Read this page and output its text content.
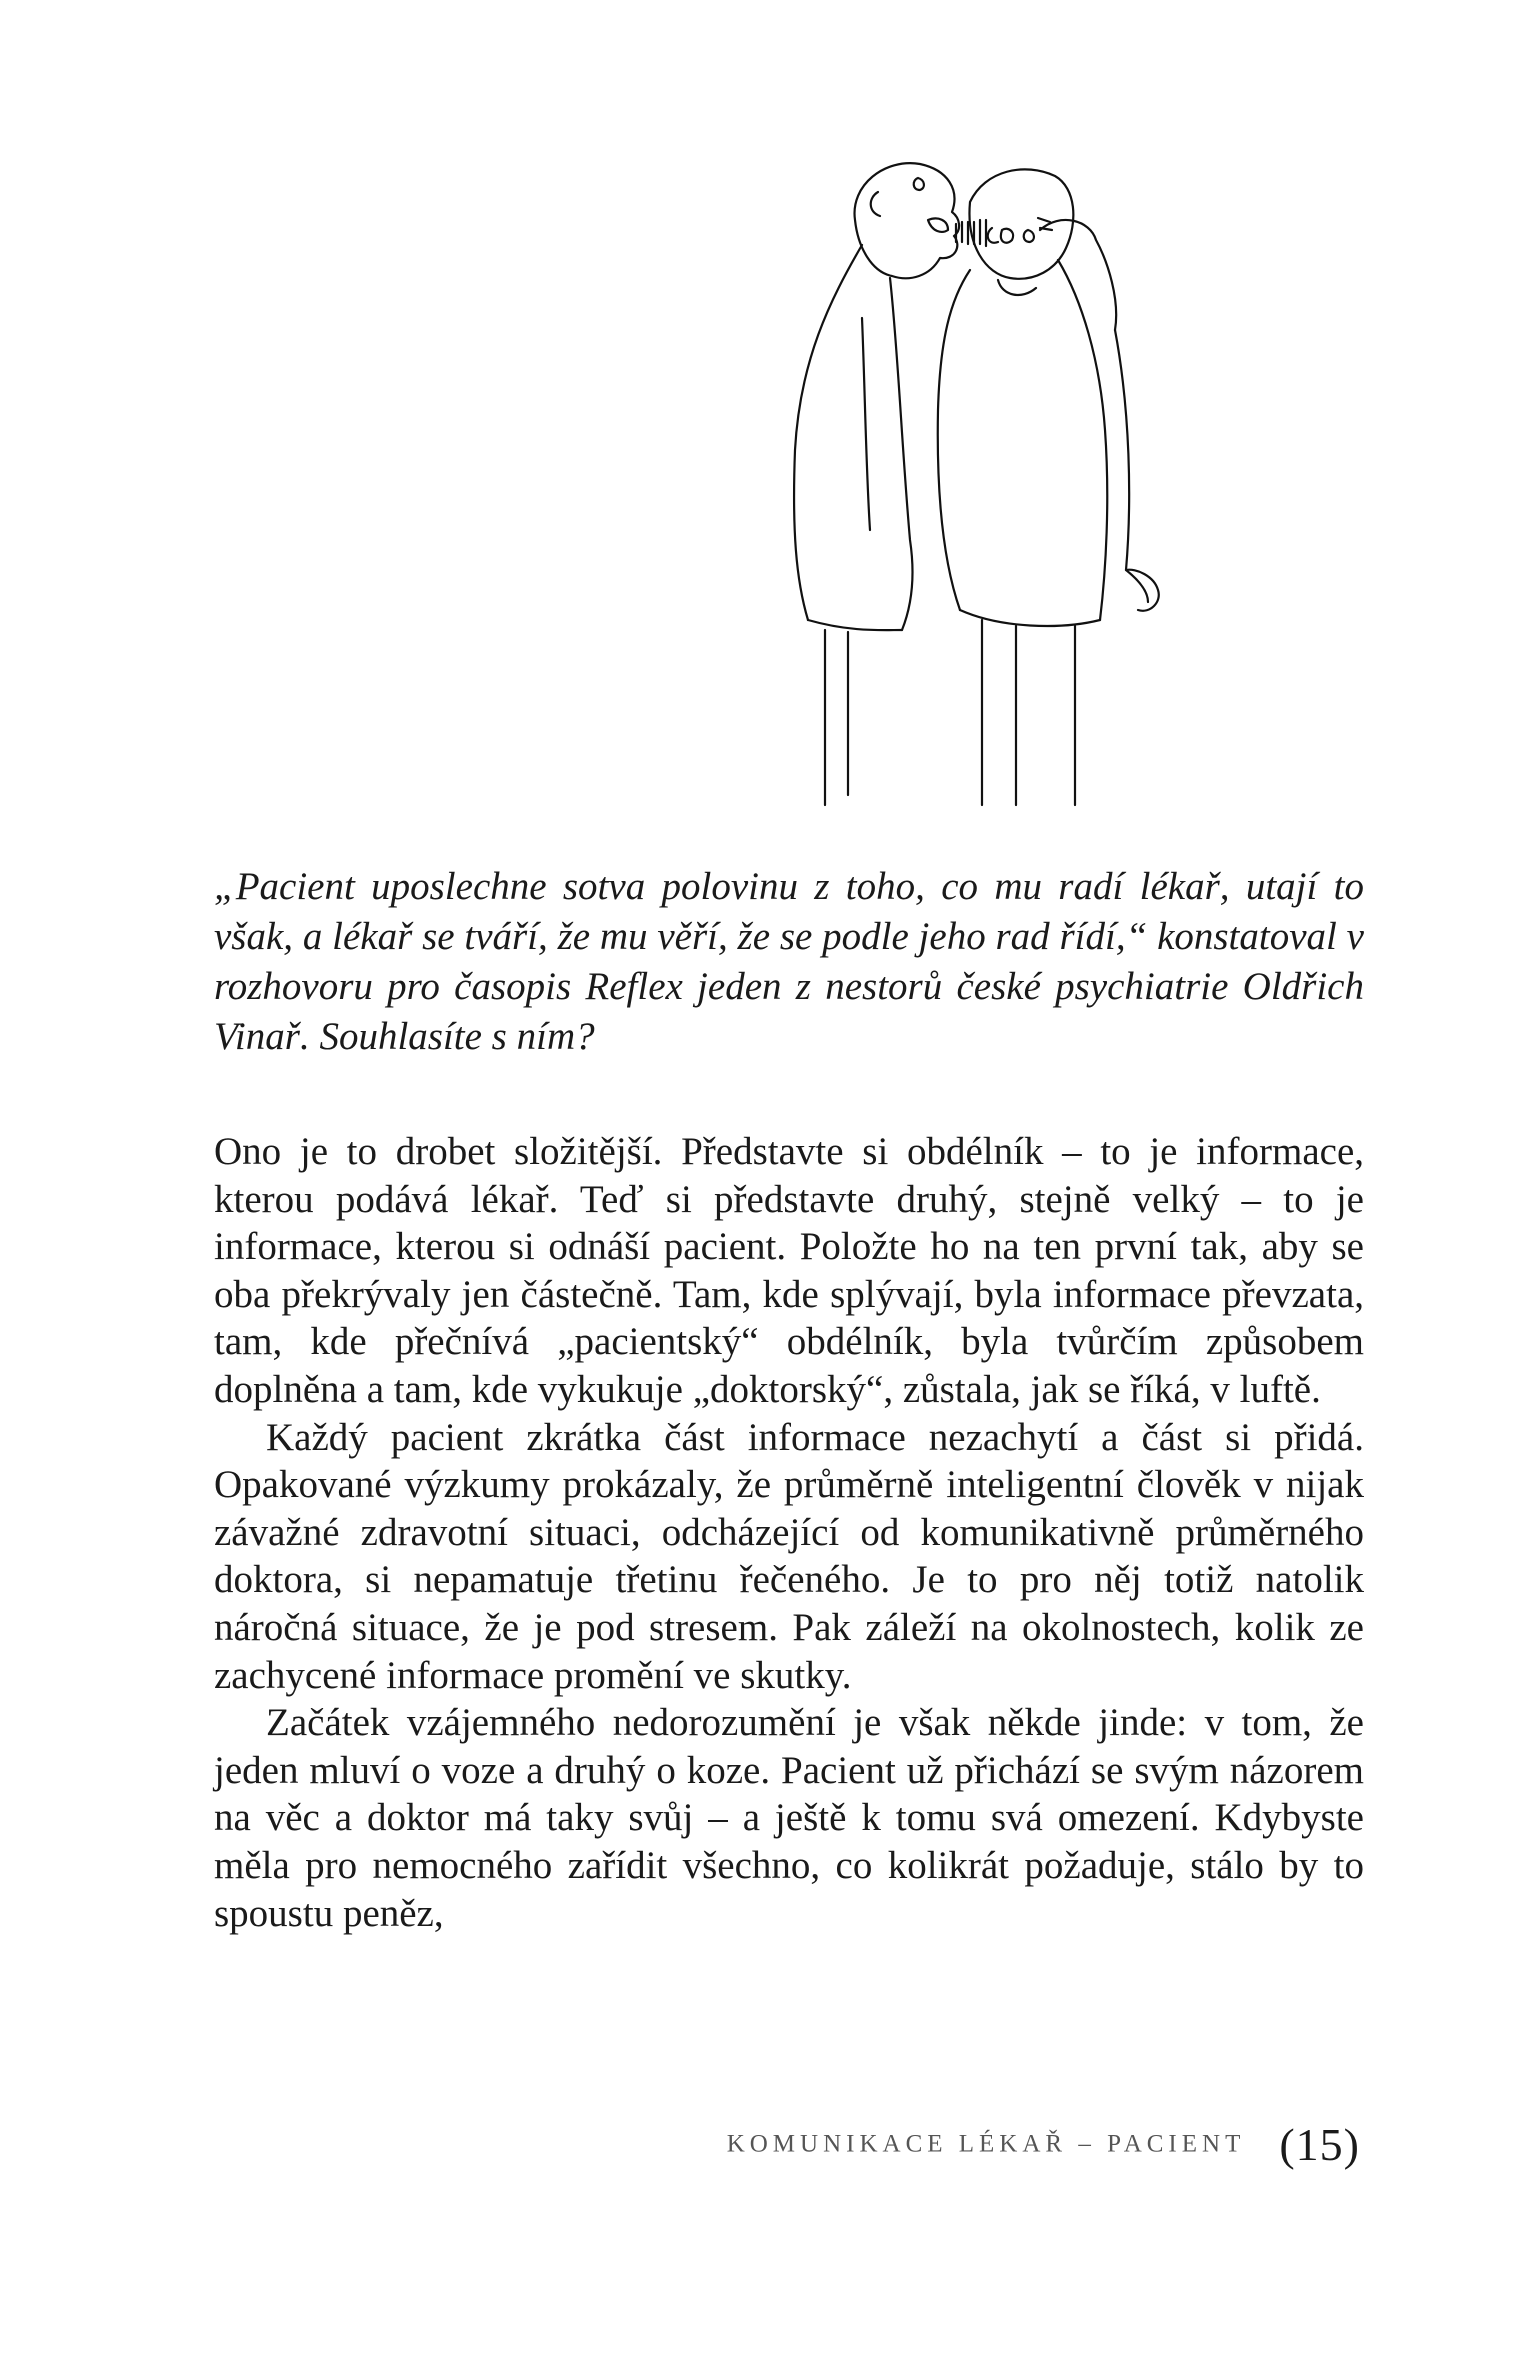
„Pacient uposlechne sotva polovinu z toho, co mu radí lékař, utají to však, a lékař se tváří, že mu věří, že se podle jeho rad řídí,“ konstatoval v rozhovoru pro časopis Reflex jeden z nestorů české psychiatrie Oldřich Vinař. Souhlasíte s ním?

Ono je to drobet složitější. Představte si obdélník – to je informace, kterou podává lékař. Teď si představte druhý, stejně velký – to je informace, kterou si odnáší pacient. Položte ho na ten první tak, aby se oba překrývaly jen částečně. Tam, kde splývají, byla informace převzata, tam, kde přečnívá „pacientský“ obdélník, byla tvůrčím způsobem doplněna a tam, kde vykukuje „doktorský“, zůstala, jak se říká, v luftě.

Každý pacient zkrátka část informace nezachytí a část si přidá. Opakované výzkumy prokázaly, že průměrně inteligentní člověk v nijak závažné zdravotní situaci, odcházející od komunikativně průměrného doktora, si nepamatuje třetinu řečeného. Je to pro něj totiž natolik náročná situace, že je pod stresem. Pak záleží na okolnostech, kolik ze zachycené informace promění ve skutky.

Začátek vzájemného nedorozumění je však někde jinde: v tom, že jeden mluví o voze a druhý o koze. Pacient už přichází se svým názorem na věc a doktor má taky svůj – a ještě k tomu svá omezení. Kdybyste měla pro nemocného zařídit všechno, co kolikrát požaduje, stálo by to spoustu peněz,

KOMUNIKACE LÉKAŘ – PACIENT (15)
